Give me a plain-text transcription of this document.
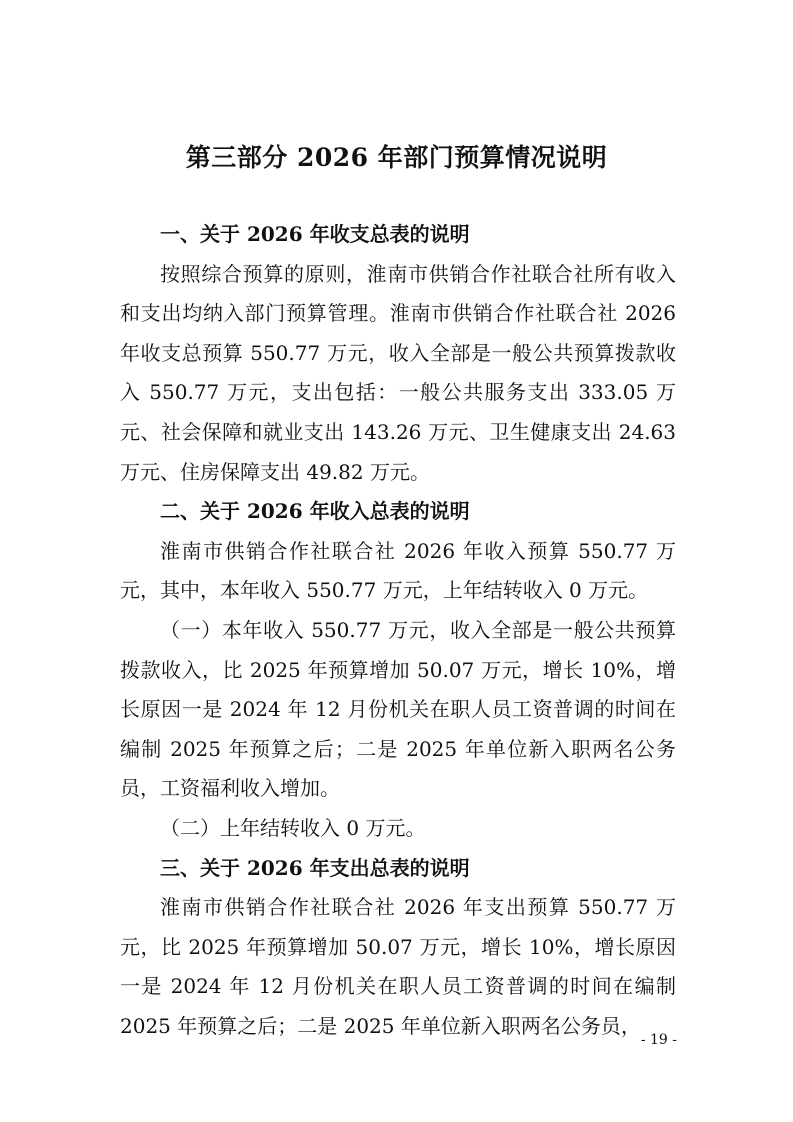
第三部分 2026 年部门预算情况说明

一、关于 2026 年收支总表的说明

按照综合预算的原则，淮南市供销合作社联合社所有收入和支出均纳入部门预算管理。淮南市供销合作社联合社 2026 年收支总预算 550.77 万元，收入全部是一般公共预算拨款收入 550.77 万元，支出包括：一般公共服务支出 333.05 万元、社会保障和就业支出 143.26 万元、卫生健康支出 24.63 万元、住房保障支出 49.82 万元。

二、关于 2026 年收入总表的说明

淮南市供销合作社联合社 2026 年收入预算 550.77 万元，其中，本年收入 550.77 万元，上年结转收入 0 万元。

（一）本年收入 550.77 万元，收入全部是一般公共预算拨款收入，比 2025 年预算增加 50.07 万元，增长 10%，增长原因一是 2024 年 12 月份机关在职人员工资普调的时间在编制 2025 年预算之后；二是 2025 年单位新入职两名公务员，工资福利收入增加。

（二）上年结转收入 0 万元。

三、关于 2026 年支出总表的说明

淮南市供销合作社联合社 2026 年支出预算 550.77 万元，比 2025 年预算增加 50.07 万元，增长 10%，增长原因一是 2024 年 12 月份机关在职人员工资普调的时间在编制 2025 年预算之后；二是 2025 年单位新入职两名公务员，

- 19 -
